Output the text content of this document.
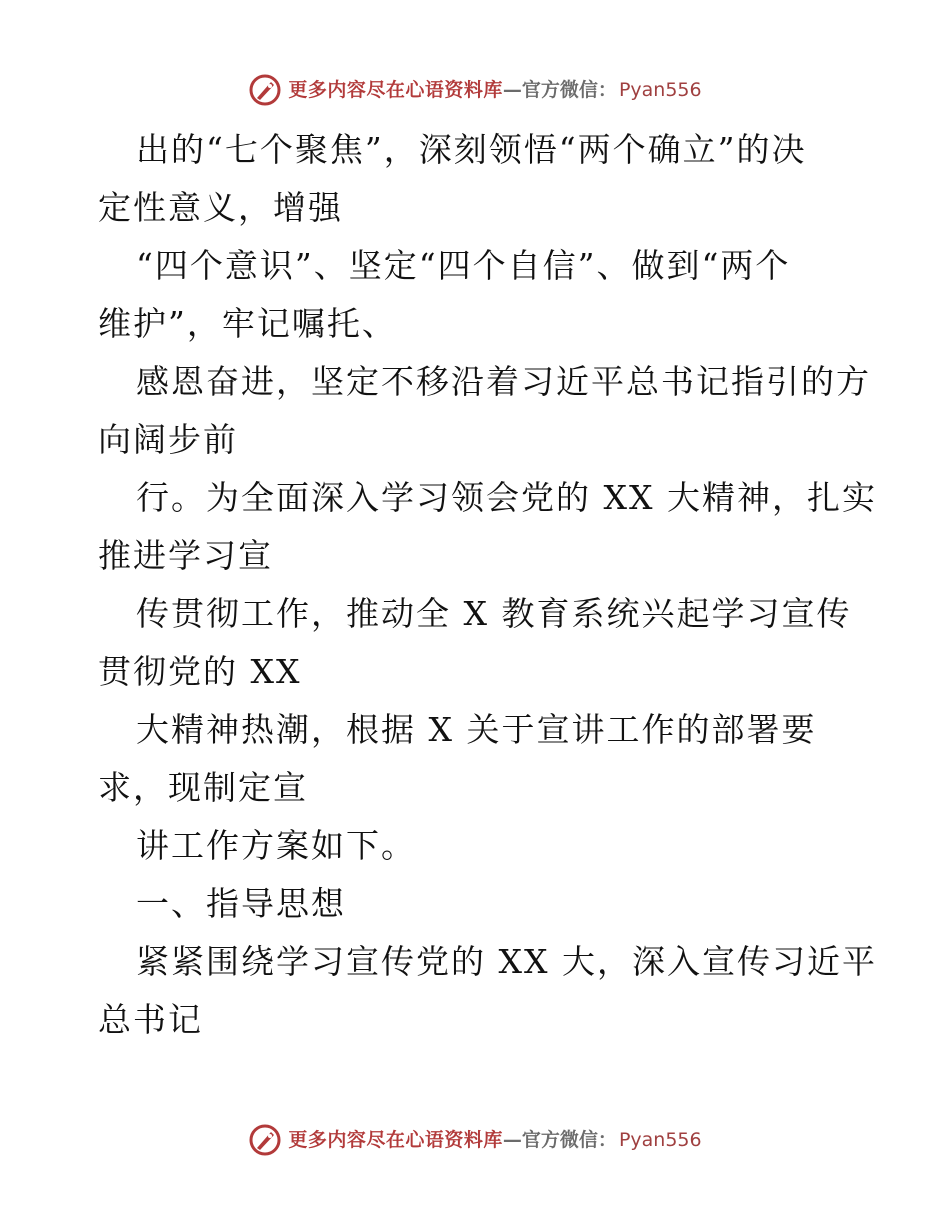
更多内容尽在心语资料库 —官方微信： Pyan556
出的“七个聚焦”，深刻领悟“两个确立”的决
定性意义，增强
“四个意识”、坚定“四个自信”、做到“两个
维护”，牢记嘱托、
感恩奋进，坚定不移沿着习近平总书记指引的方
向阔步前
行。为全面深入学习领会党的 XX 大精神，扎实
推进学习宣
传贯彻工作，推动全 X 教育系统兴起学习宣传
贯彻党的 XX
大精神热潮，根据 X 关于宣讲工作的部署要
求，现制定宣
讲工作方案如下。
一、指导思想
紧紧围绕学习宣传党的 XX 大，深入宣传习近平
总书记
更多内容尽在心语资料库 —官方微信： Pyan556
